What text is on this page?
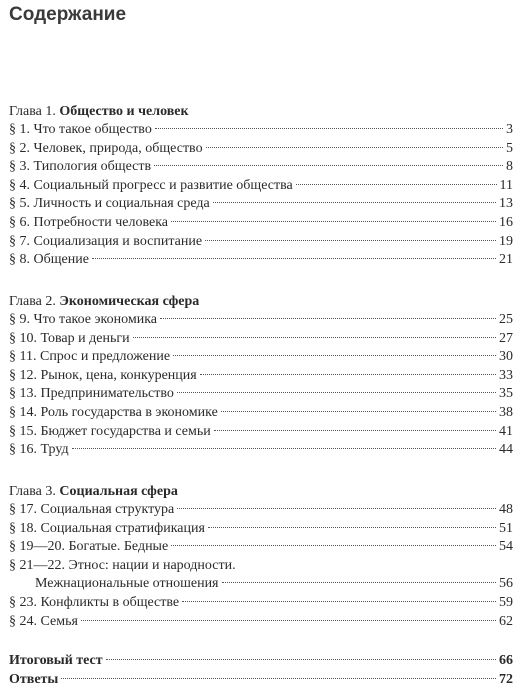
Содержание
Глава 1. Общество и человек
§ 1. Что такое общество	3
§ 2. Человек, природа, общество	5
§ 3. Типология обществ	8
§ 4. Социальный прогресс и развитие общества	11
§ 5. Личность и социальная среда	13
§ 6. Потребности человека	16
§ 7. Социализация и воспитание	19
§ 8. Общение	21
Глава 2. Экономическая сфера
§ 9. Что такое экономика	25
§ 10. Товар и деньги	27
§ 11. Спрос и предложение	30
§ 12. Рынок, цена, конкуренция	33
§ 13. Предпринимательство	35
§ 14. Роль государства в экономике	38
§ 15. Бюджет государства и семьи	41
§ 16. Труд	44
Глава 3. Социальная сфера
§ 17. Социальная структура	48
§ 18. Социальная стратификация	51
§ 19—20. Богатые. Бедные	54
§ 21—22. Этнос: нации и народности.
Межнациональные отношения	56
§ 23. Конфликты в обществе	59
§ 24. Семья	62
Итоговый тест	66
Ответы	72
